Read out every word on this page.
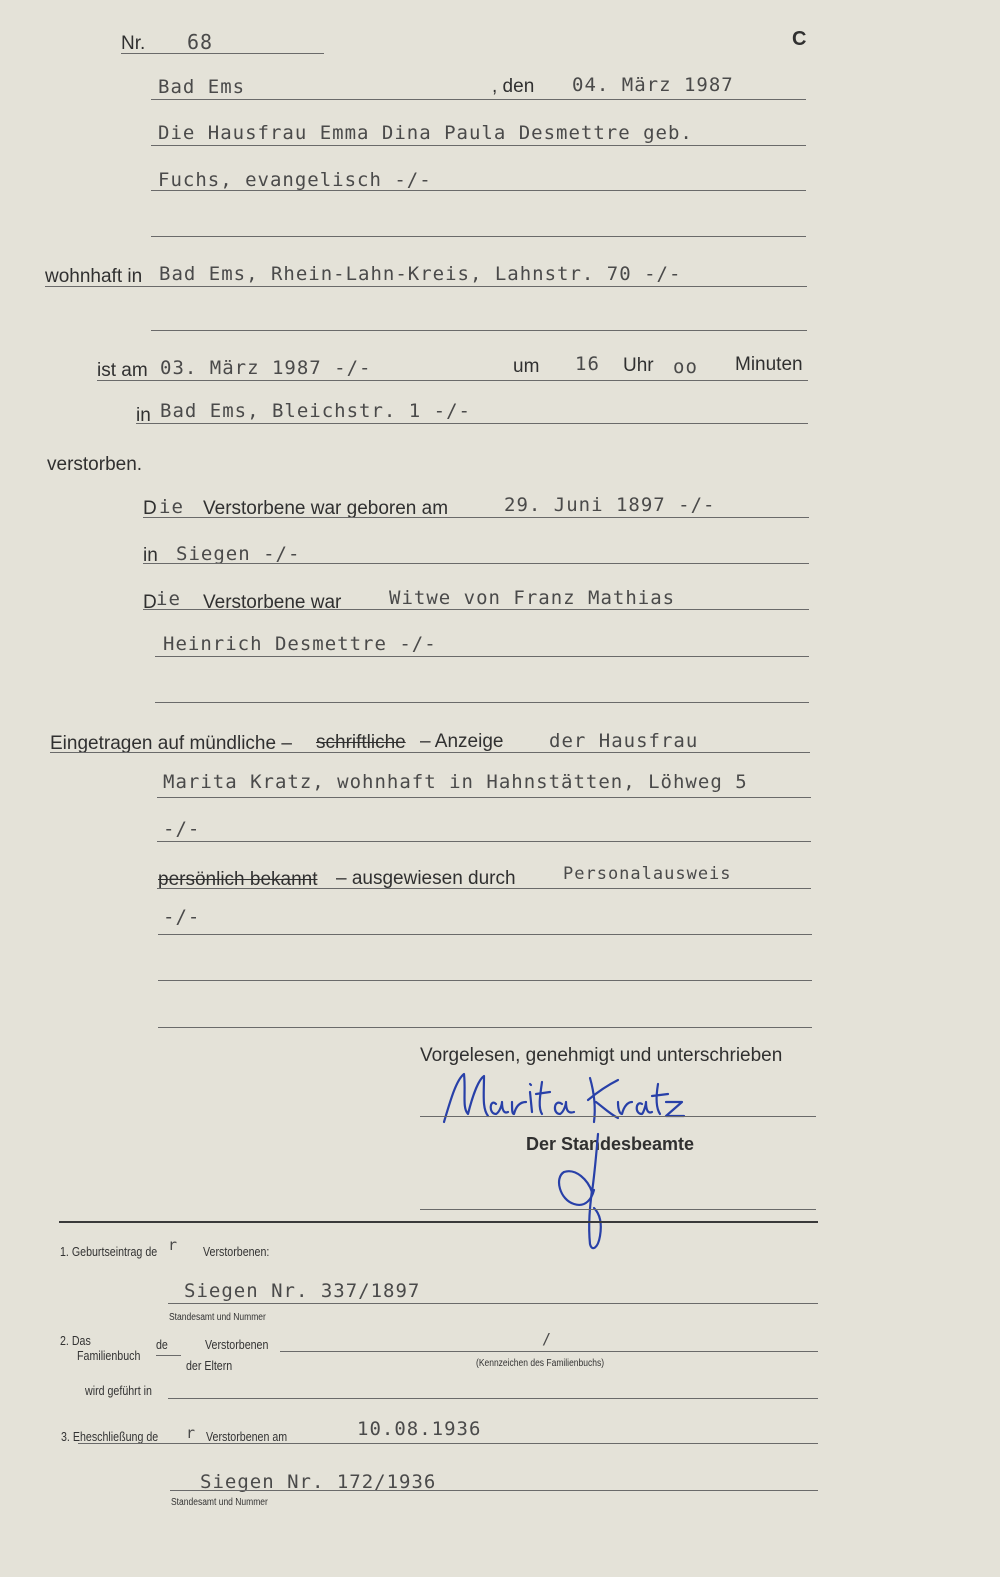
Nr. 68	C
Bad Ems	, den 04. März 1987
Die Hausfrau Emma Dina Paula Desmettre geb.
Fuchs, evangelisch -/-
wohnhaft in Bad Ems, Rhein-Lahn-Kreis, Lahnstr. 70 -/-
ist am 03. März 1987 -/-	um 16 Uhr oo Minuten
in Bad Ems, Bleichstr. 1 -/-
verstorben.
D ie Verstorbene war geboren am	29. Juni 1897 -/-
in Siegen -/-
D ie Verstorbene war	Witwe von Franz Mathias
Heinrich Desmettre -/-
Eingetragen auf mündliche – schriftliche – Anzeige der Hausfrau
Marita Kratz, wohnhaft in Hahnstätten, Löhweg 5
-/-
persönlich bekannt – ausgewiesen durch	Personalausweis
-/-
Vorgelesen, genehmigt und unterschrieben
Der Standesbeamte
1. Geburtseintrag de r Verstorbenen:
Siegen Nr. 337/1897
Standesamt und Nummer
2. Das
Familienbuch
de	Verstorbenen
der Eltern
/
(Kennzeichen des Familienbuchs)
wird geführt in
3. Eheschließung de r Verstorbenen am	10.08.1936
Siegen Nr. 172/1936
Standesamt und Nummer
